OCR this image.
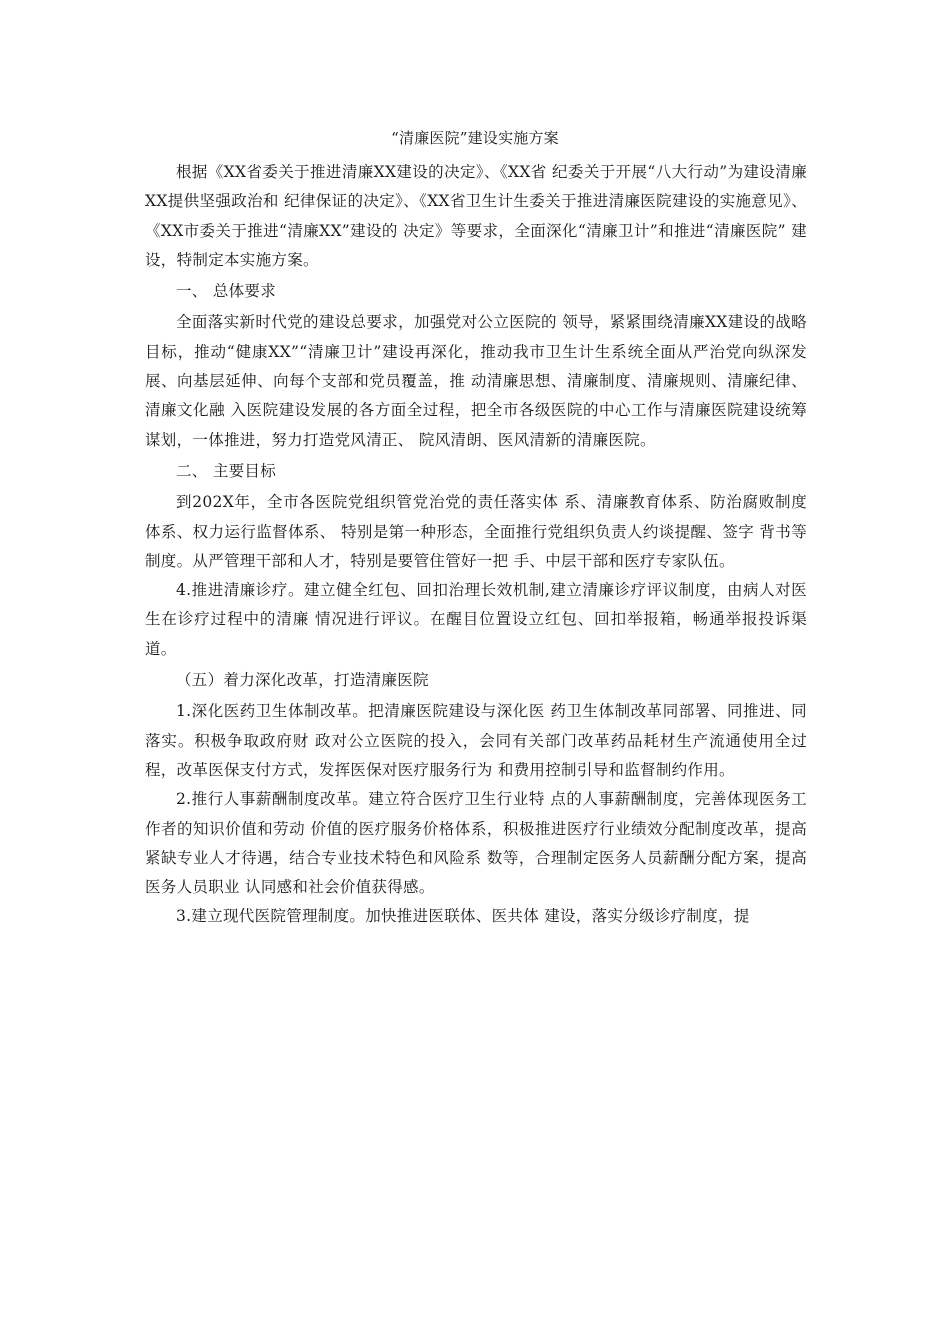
“清廉医院”建设实施方案

根据《XX省委关于推进清廉XX建设的决定》、《XX省 纪委关于开展“八大行动”为建设清廉XX提供坚强政治和 纪律保证的决定》、《XX省卫生计生委关于推进清廉医院建设的实施意见》、《XX市委关于推进“清廉XX”建设的 决定》等要求，全面深化“清廉卫计”和推进“清廉医院” 建设，特制定本实施方案。

一、 总体要求

全面落实新时代党的建设总要求，加强党对公立医院的 领导，紧紧围绕清廉XX建设的战略目标，推动“健康XX”“清廉卫计”建设再深化，推动我市卫生计生系统全面从严治党向纵深发展、向基层延伸、向每个支部和党员覆盖，推 动清廉思想、清廉制度、清廉规则、清廉纪律、清廉文化融 入医院建设发展的各方面全过程，把全市各级医院的中心工作与清廉医院建设统筹谋划，一体推进，努力打造党风清正、 院风清朗、医风清新的清廉医院。

二、 主要目标

到202X年，全市各医院党组织管党治党的责任落实体 系、清廉教育体系、防治腐败制度体系、权力运行监督体系、 特别是第一种形态，全面推行党组织负责人约谈提醒、签字 背书等制度。从严管理干部和人才，特别是要管住管好一把 手、中层干部和医疗专家队伍。

4.推进清廉诊疗。建立健全红包、回扣治理长效机制,建立清廉诊疗评议制度，由病人对医生在诊疗过程中的清廉 情况进行评议。在醒目位置设立红包、回扣举报箱，畅通举报投诉渠道。

（五）着力深化改革，打造清廉医院

1.深化医药卫生体制改革。把清廉医院建设与深化医 药卫生体制改革同部署、同推进、同落实。积极争取政府财 政对公立医院的投入，会同有关部门改革药品耗材生产流通使用全过程，改革医保支付方式，发挥医保对医疗服务行为 和费用控制引导和监督制约作用。

2.推行人事薪酬制度改革。建立符合医疗卫生行业特 点的人事薪酬制度，完善体现医务工作者的知识价值和劳动 价值的医疗服务价格体系，积极推进医疗行业绩效分配制度改革，提高紧缺专业人才待遇，结合专业技术特色和风险系 数等，合理制定医务人员薪酬分配方案，提高医务人员职业 认同感和社会价值获得感。

3.建立现代医院管理制度。加快推进医联体、医共体 建设，落实分级诊疗制度，提
